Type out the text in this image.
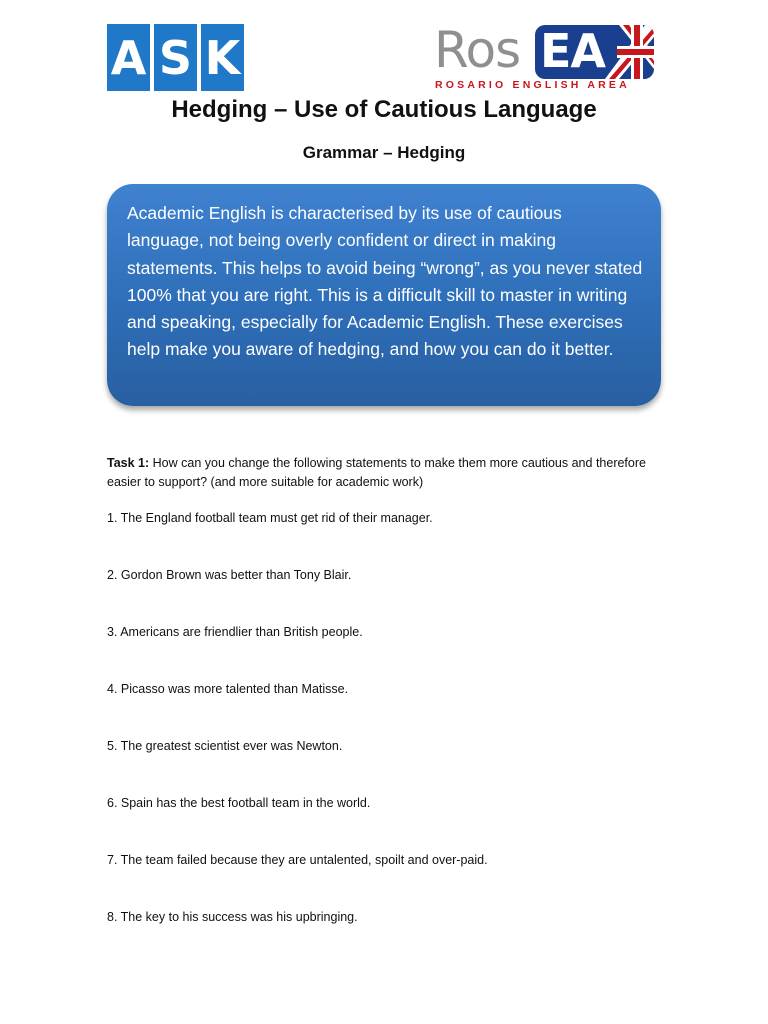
A S K	Ros EA
ROSARIO ENGLISH AREA
Hedging – Use of Cautious Language
Grammar – Hedging
Academic English is characterised by its use of cautious language, not being overly confident or direct in making statements. This helps to avoid being “wrong”, as you never stated 100% that you are right. This is a difficult skill to master in writing and speaking, especially for Academic English. These exercises help make you aware of hedging, and how you can do it better.

Task 1: How can you change the following statements to make them more cautious and therefore easier to support? (and more suitable for academic work)

1. The England football team must get rid of their manager.
2. Gordon Brown was better than Tony Blair.
3. Americans are friendlier than British people.
4. Picasso was more talented than Matisse.
5. The greatest scientist ever was Newton.
6. Spain has the best football team in the world.
7. The team failed because they are untalented, spoilt and over-paid.
8. The key to his success was his upbringing.
